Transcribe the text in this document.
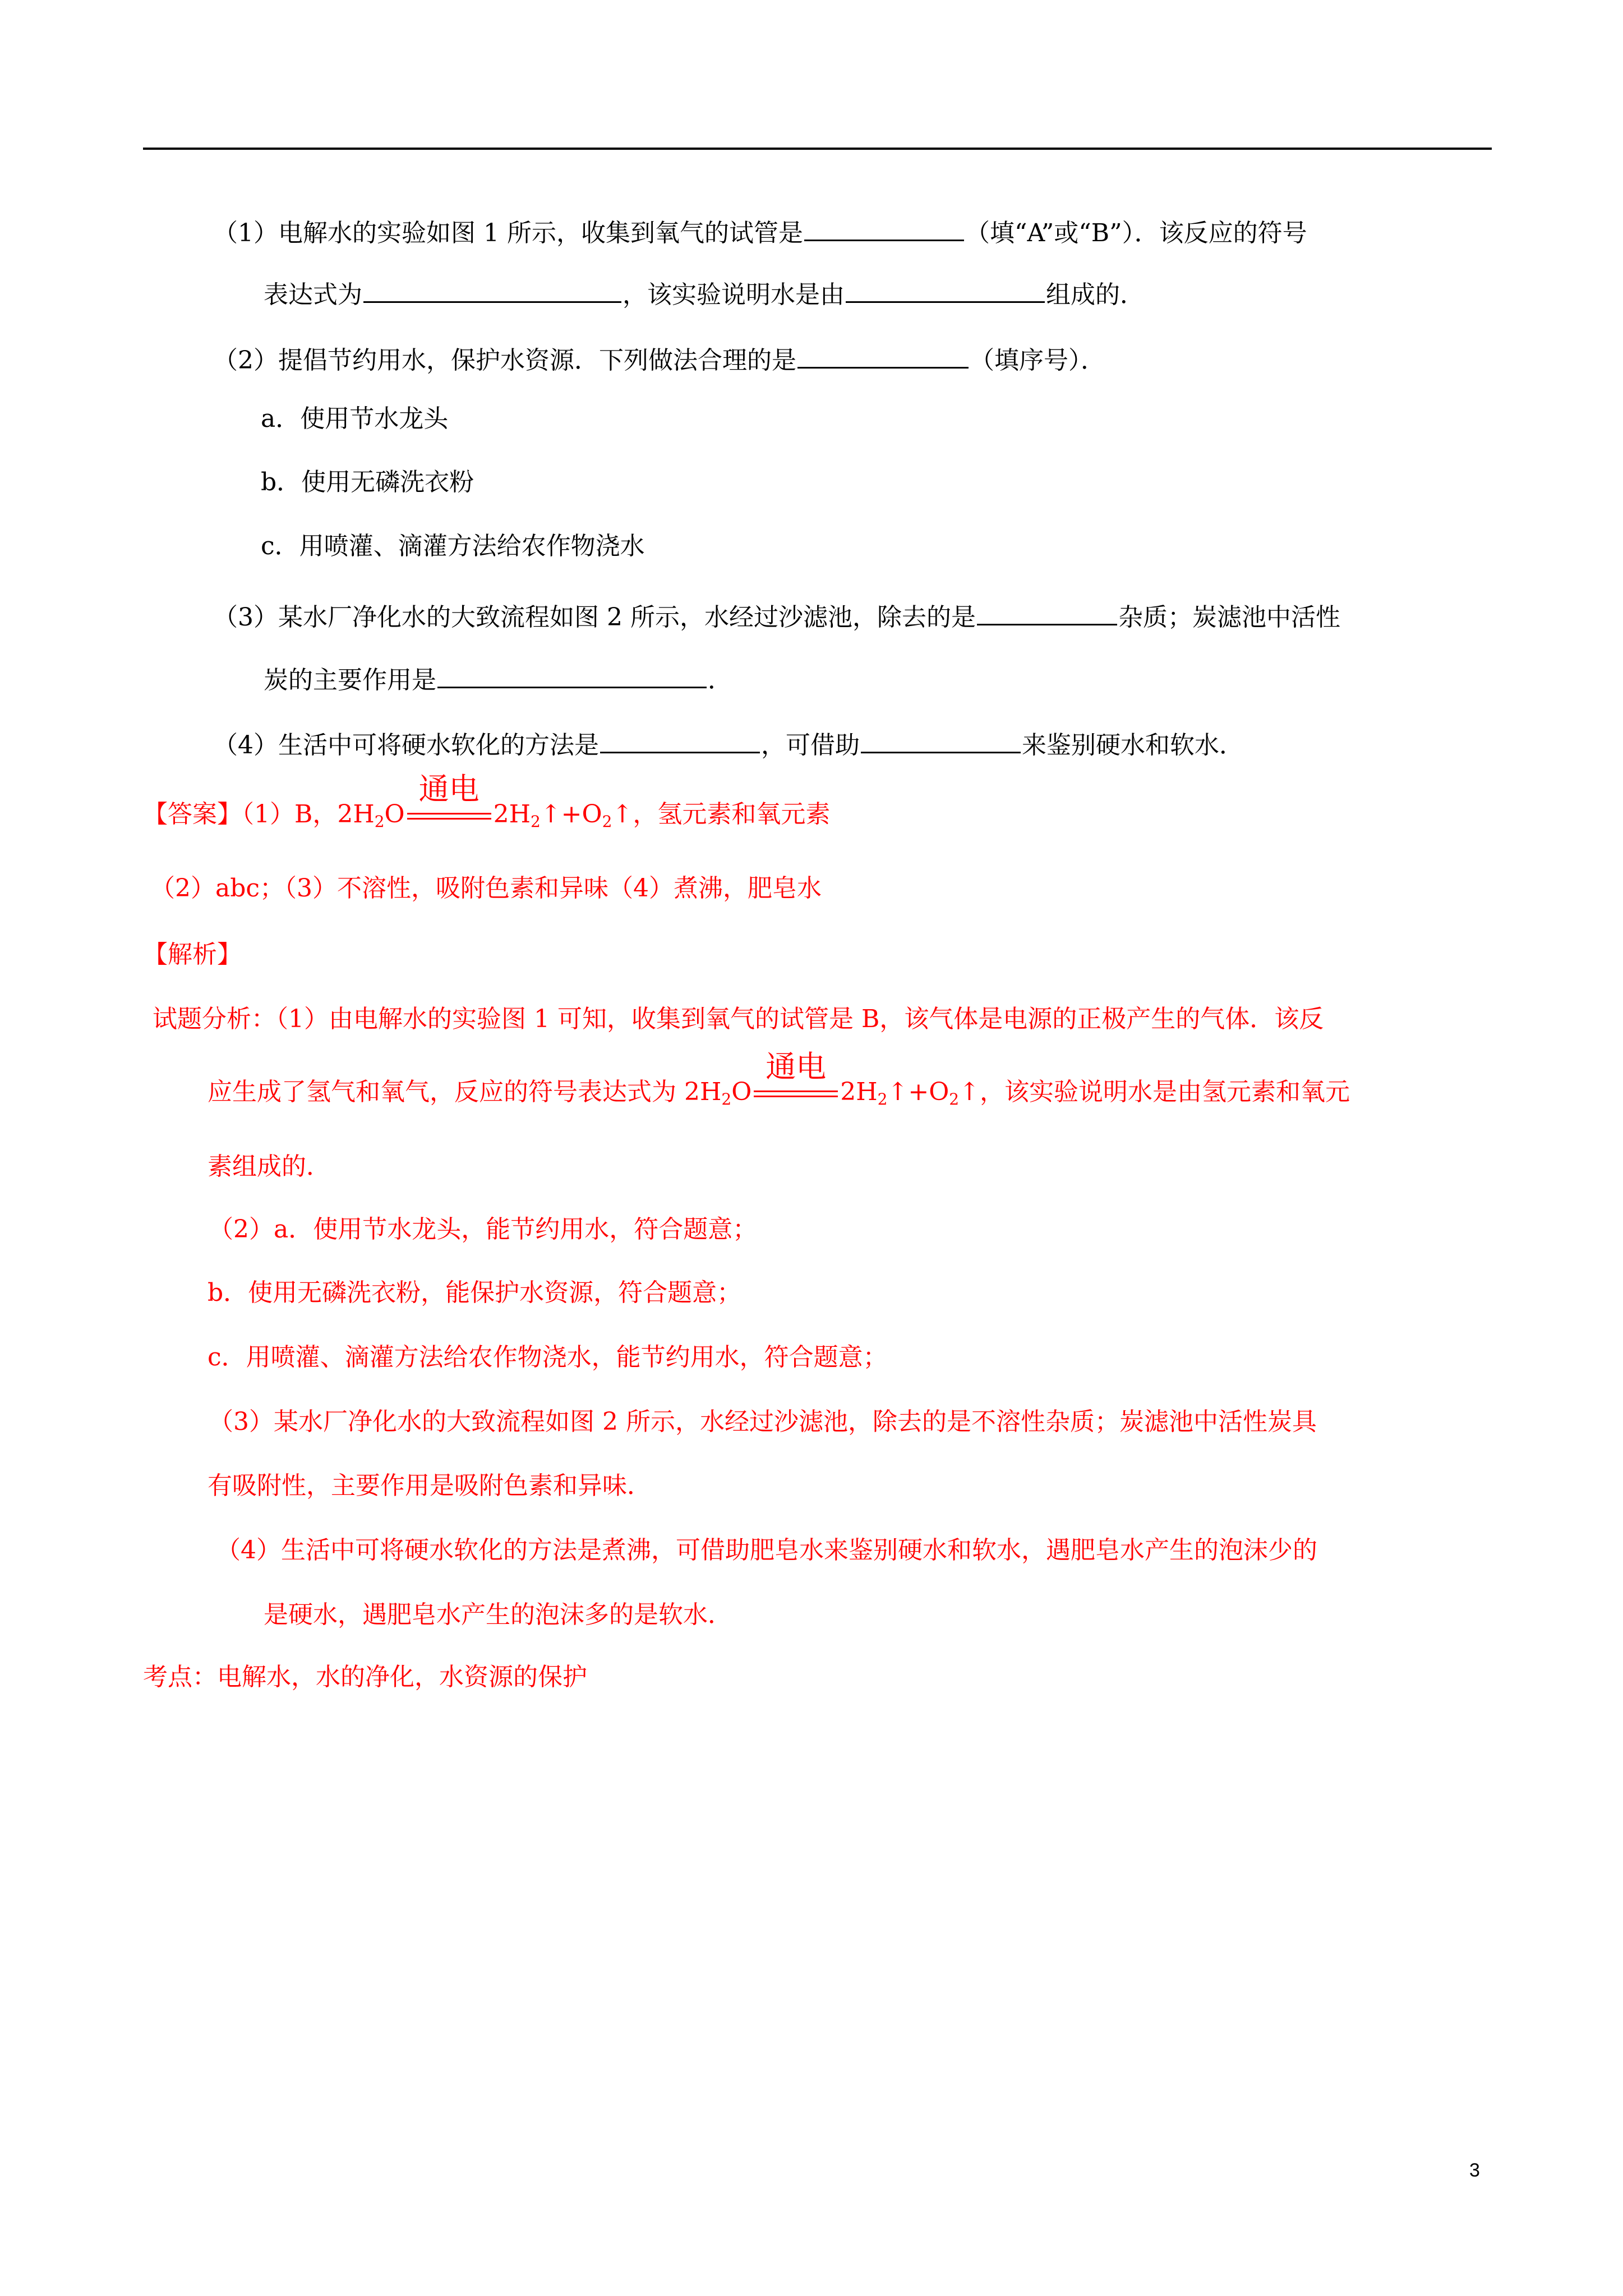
（1）电解水的实验如图 1 所示，收集到氧气的试管是	（填“A”或“B”）．该反应的符号
表达式为	，该实验说明水是由	组成的．
（2）提倡节约用水，保护水资源．下列做法合理的是	（填序号）．
a．使用节水龙头
b．使用无磷洗衣粉
c．用喷灌、滴灌方法给农作物浇水
（3）某水厂净化水的大致流程如图 2 所示，水经过沙滤池，除去的是	杂质；炭滤池中活性
炭的主要作用是	．
（4）生活中可将硬水软化的方法是	，可借助	来鉴别硬水和软水．
【答案】（1）B，$2H_2O$
通电
$2H_2↑+O_2↑$，氢元素和氧元素
（2）abc；（3）不溶性，吸附色素和异味（4）煮沸，肥皂水
【解析】
试题分析：（1）由电解水的实验图 1 可知，收集到氧气的试管是 B，该气体是电源的正极产生的气体．该反
应生成了氢气和氧气，反应的符号表达式为 $2H_2O$
通电
$2H_2↑+O_2↑$，该实验说明水是由氢元素和氧元
素组成的．
（2）a．使用节水龙头，能节约用水，符合题意；
b．使用无磷洗衣粉，能保护水资源，符合题意；
c．用喷灌、滴灌方法给农作物浇水，能节约用水，符合题意；
（3）某水厂净化水的大致流程如图 2 所示，水经过沙滤池，除去的是不溶性杂质；炭滤池中活性炭具
有吸附性，主要作用是吸附色素和异味．
（4）生活中可将硬水软化的方法是煮沸，可借助肥皂水来鉴别硬水和软水，遇肥皂水产生的泡沫少的
是硬水，遇肥皂水产生的泡沫多的是软水．
考点：电解水，水的净化，水资源的保护
3
